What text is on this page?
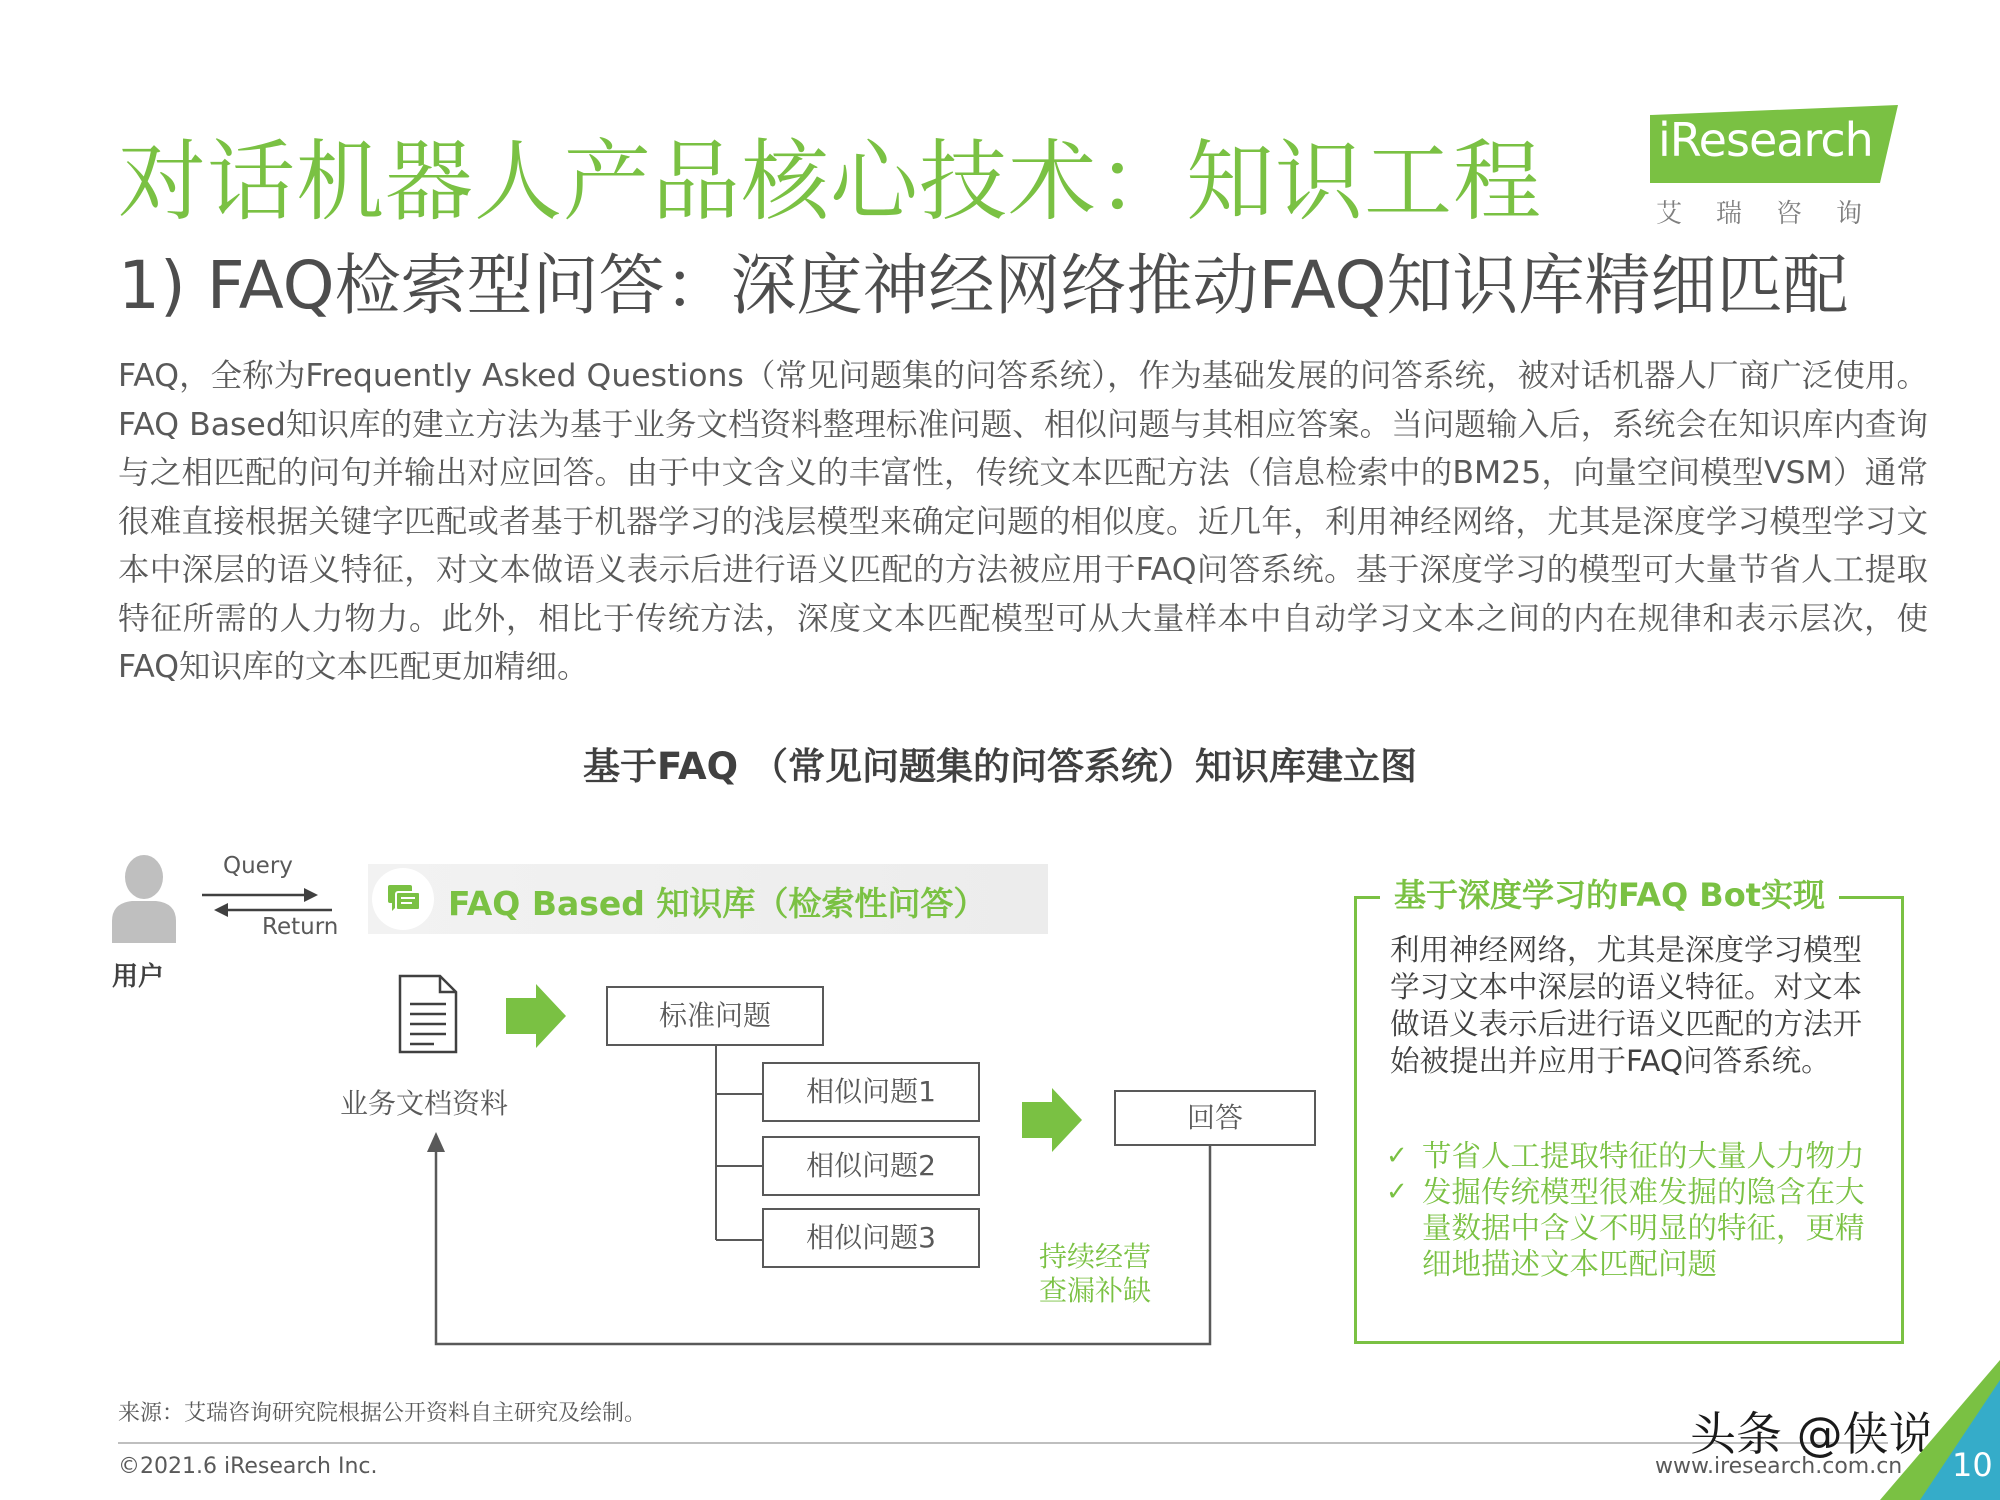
对话机器人产品核心技术：知识工程
1) FAQ检索型问答：深度神经网络推动FAQ知识库精细匹配
iResearch
艾瑞咨询

FAQ，全称为Frequently Asked Questions（常见问题集的问答系统），作为基础发展的问答系统，被对话机器人厂商广泛使用。FAQ Based知识库的建立方法为基于业务文档资料整理标准问题、相似问题与其相应答案。当问题输入后，系统会在知识库内查询与之相匹配的问句并输出对应回答。由于中文含义的丰富性，传统文本匹配方法（信息检索中的BM25，向量空间模型VSM）通常很难直接根据关键字匹配或者基于机器学习的浅层模型来确定问题的相似度。近几年，利用神经网络，尤其是深度学习模型学习文本中深层的语义特征，对文本做语义表示后进行语义匹配的方法被应用于FAQ问答系统。基于深度学习的模型可大量节省人工提取特征所需的人力物力。此外，相比于传统方法，深度文本匹配模型可从大量样本中自动学习文本之间的内在规律和表示层次，使FAQ知识库的文本匹配更加精细。

基于FAQ （常见问题集的问答系统）知识库建立图
Query
Return
用户
FAQ Based 知识库（检索性问答）
业务文档资料
标准问题
相似问题1
相似问题2
相似问题3
回答
持续经营
查漏补缺
基于深度学习的FAQ Bot实现
利用神经网络，尤其是深度学习模型学习文本中深层的语义特征。对文本做语义表示后进行语义匹配的方法开始被提出并应用于FAQ问答系统。
✓ 节省人工提取特征的大量人力物力
✓ 发掘传统模型很难发掘的隐含在大量数据中含义不明显的特征，更精细地描述文本匹配问题
来源：艾瑞咨询研究院根据公开资料自主研究及绘制。
©2021.6 iResearch Inc.	www.iresearch.com.cn
头条 @侠说
10
